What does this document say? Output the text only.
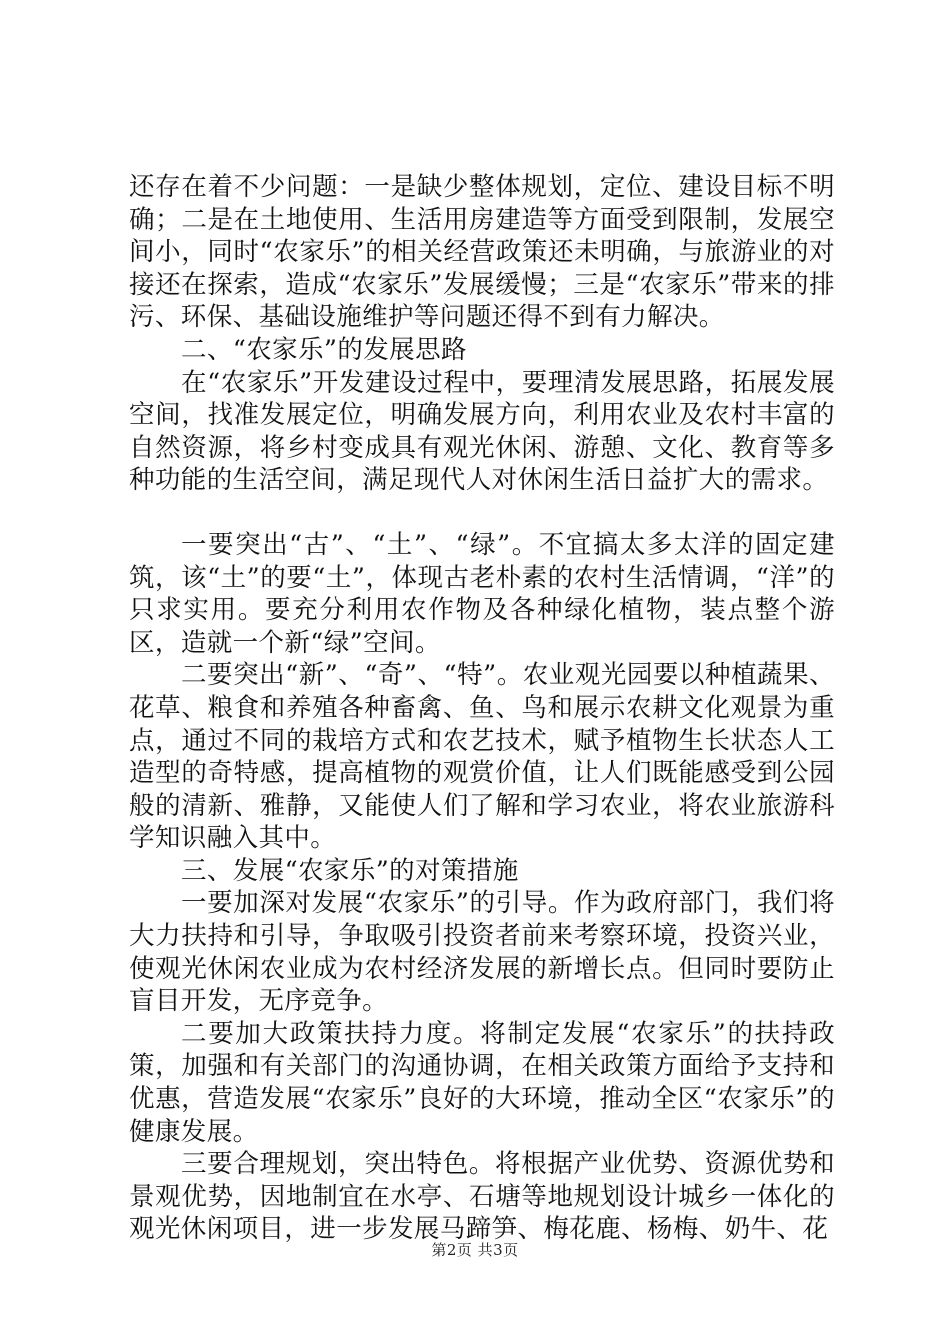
还存在着不少问题：一是缺少整体规划，定位、建设目标不明确；二是在土地使用、生活用房建造等方面受到限制，发展空间小，同时“农家乐”的相关经营政策还未明确，与旅游业的对接还在探索，造成“农家乐”发展缓慢；三是“农家乐”带来的排污、环保、基础设施维护等问题还得不到有力解决。

二、“农家乐”的发展思路

在“农家乐”开发建设过程中，要理清发展思路，拓展发展空间，找准发展定位，明确发展方向，利用农业及农村丰富的自然资源，将乡村变成具有观光休闲、游憩、文化、教育等多种功能的生活空间，满足现代人对休闲生活日益扩大的需求。

一要突出“古”、“土”、“绿”。不宜搞太多太洋的固定建筑，该“土”的要“土”，体现古老朴素的农村生活情调，“洋”的只求实用。要充分利用农作物及各种绿化植物，装点整个游区，造就一个新“绿”空间。

二要突出“新”、“奇”、“特”。农业观光园要以种植蔬果、花草、粮食和养殖各种畜禽、鱼、鸟和展示农耕文化观景为重点，通过不同的栽培方式和农艺技术，赋予植物生长状态人工造型的奇特感，提高植物的观赏价值，让人们既能感受到公园般的清新、雅静，又能使人们了解和学习农业，将农业旅游科学知识融入其中。

三、发展“农家乐”的对策措施

一要加深对发展“农家乐”的引导。作为政府部门，我们将大力扶持和引导，争取吸引投资者前来考察环境，投资兴业，使观光休闲农业成为农村经济发展的新增长点。但同时要防止盲目开发，无序竞争。

二要加大政策扶持力度。将制定发展“农家乐”的扶持政策，加强和有关部门的沟通协调，在相关政策方面给予支持和优惠，营造发展“农家乐”良好的大环境，推动全区“农家乐”的健康发展。

三要合理规划，突出特色。将根据产业优势、资源优势和景观优势，因地制宜在水亭、石塘等地规划设计城乡一体化的观光休闲项目，进一步发展马蹄笋、梅花鹿、杨梅、奶牛、花

第2页 共3页
